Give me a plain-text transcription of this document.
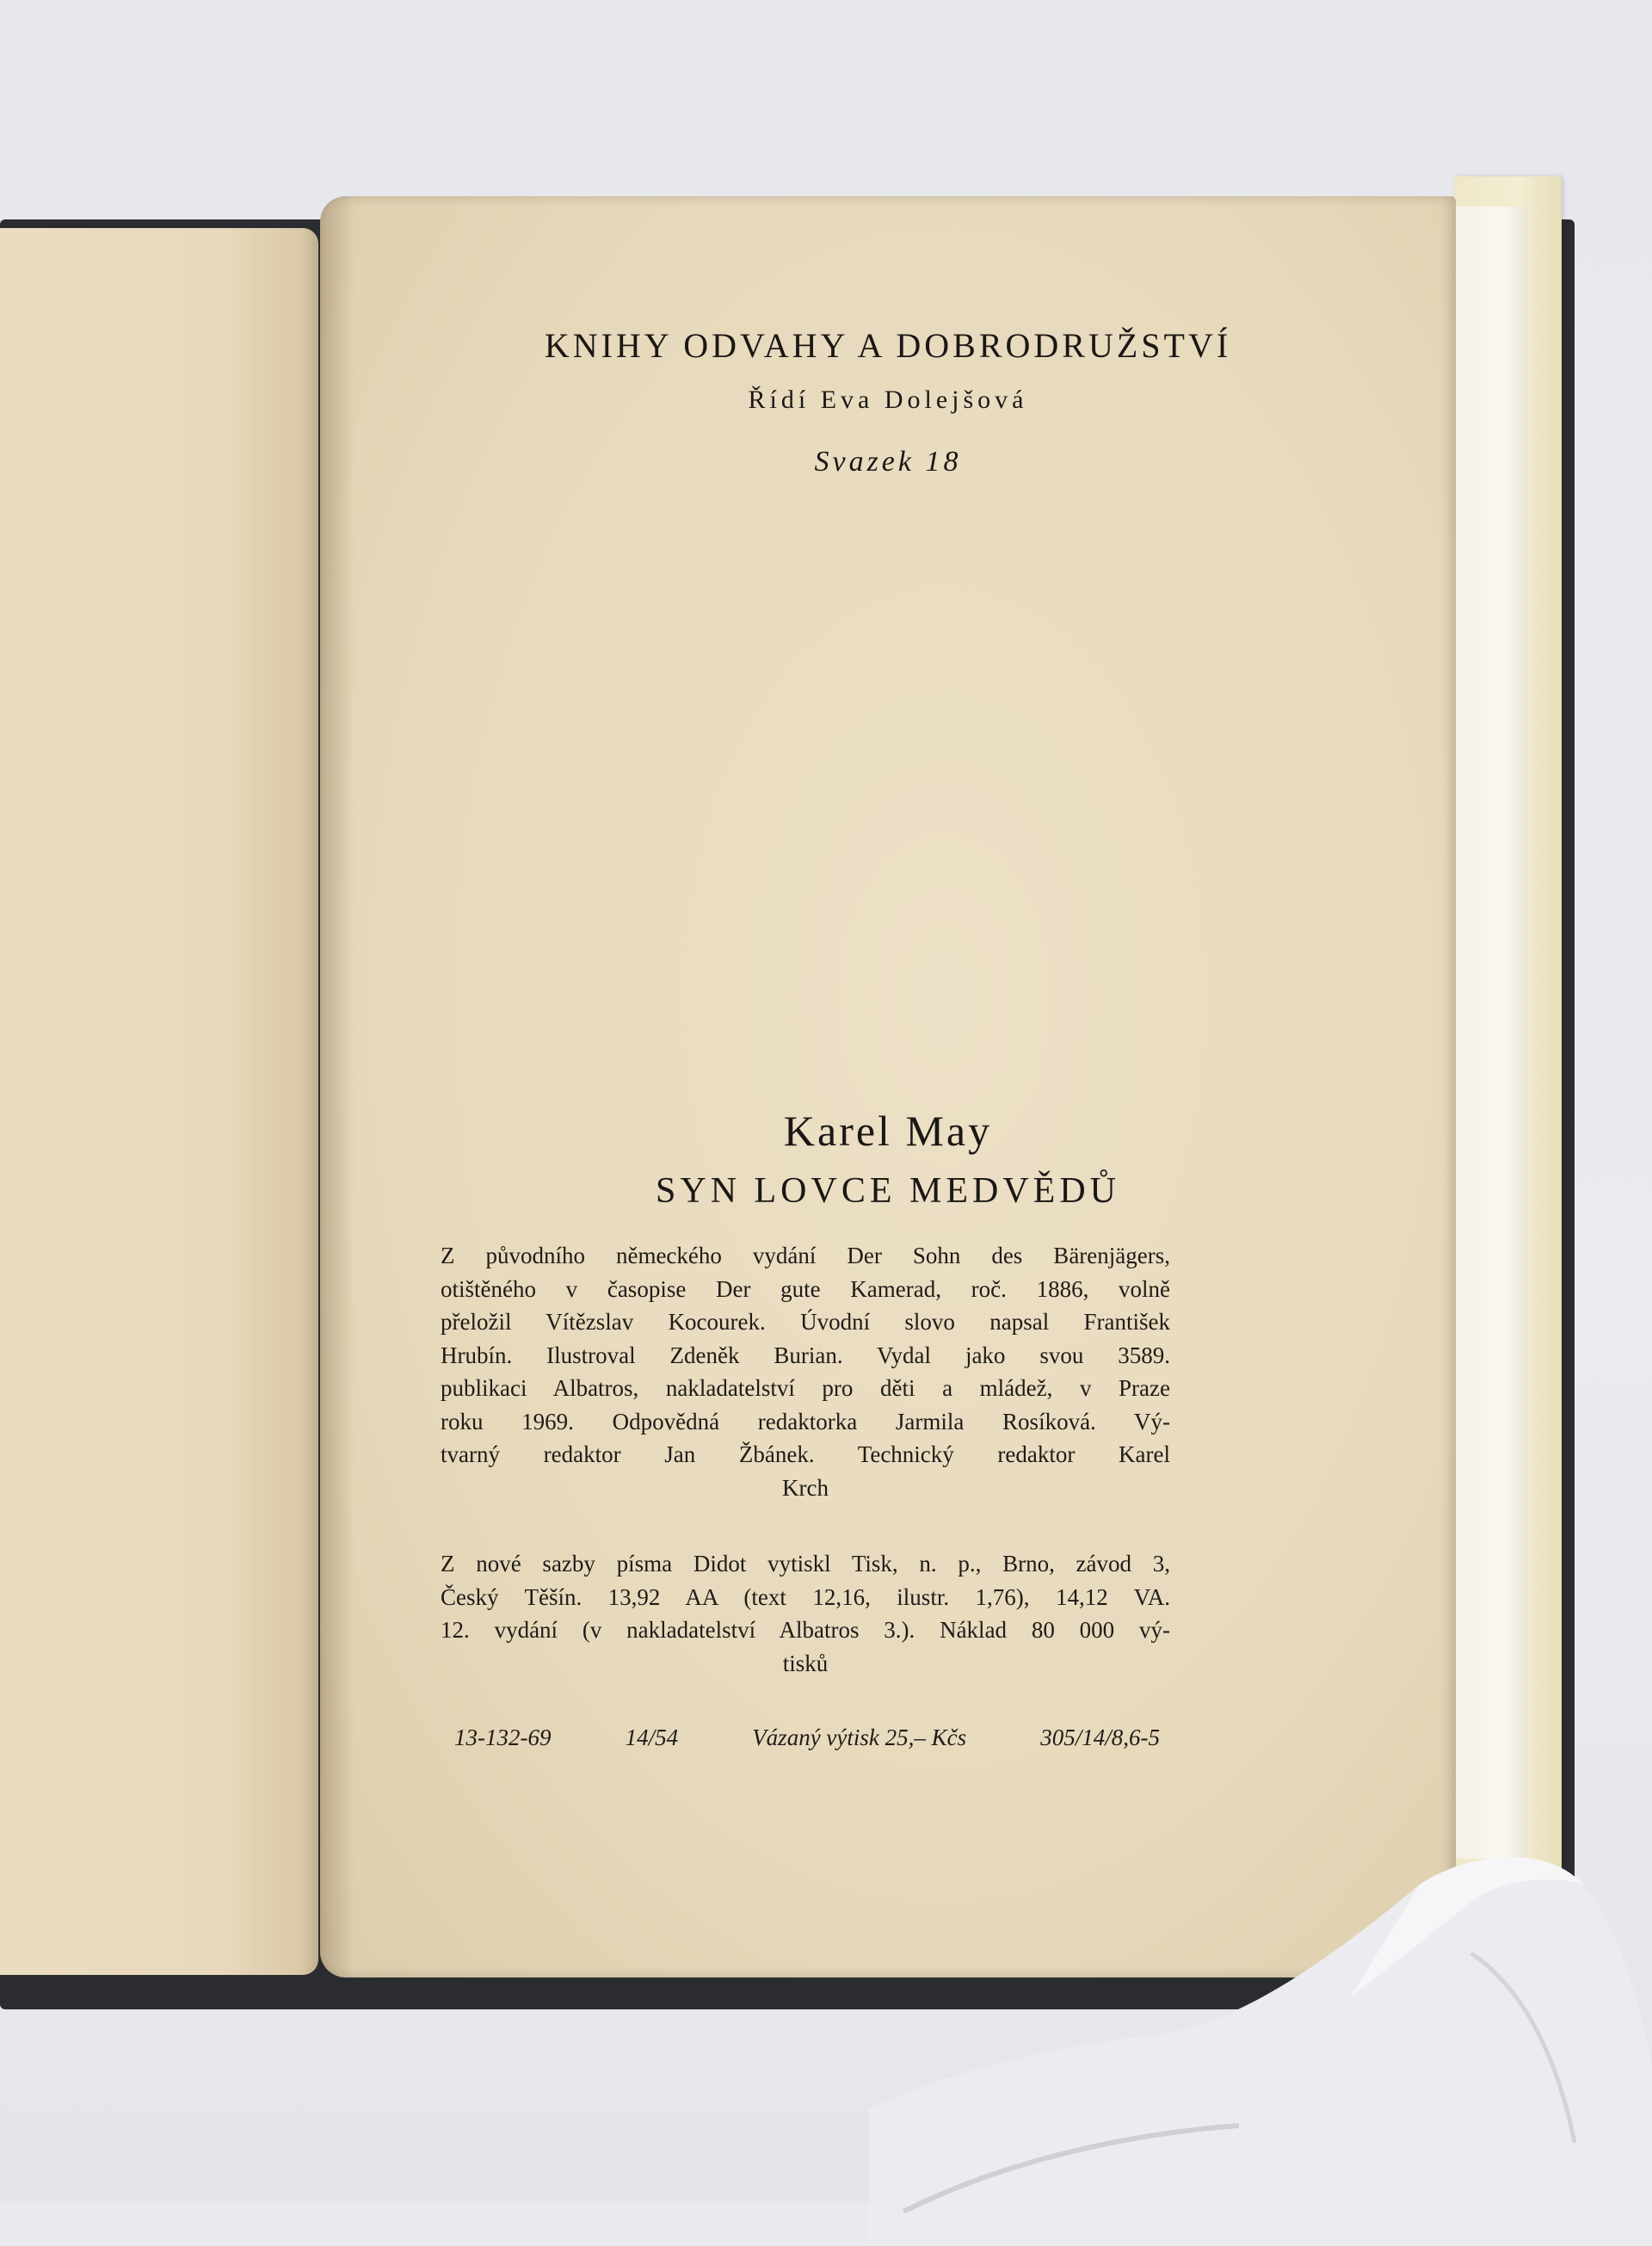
KNIHY ODVAHY A DOBRODRUŽSTVÍ
Řídí Eva Dolejšová
Svazek 18
Karel May
SYN LOVCE MEDVĚDŮ
Z původního německého vydání Der Sohn des Bärenjägers,
otištěného v časopise Der gute Kamerad, roč. 1886, volně
přeložil Vítězslav Kocourek. Úvodní slovo napsal František
Hrubín. Ilustroval Zdeněk Burian. Vydal jako svou 3589.
publikaci Albatros, nakladatelství pro děti a mládež, v Praze
roku 1969. Odpovědná redaktorka Jarmila Rosíková. Vý-
tvarný redaktor Jan Žbánek. Technický redaktor Karel
Krch
Z nové sazby písma Didot vytiskl Tisk, n. p., Brno, závod 3,
Český Těšín. 13,92 AA (text 12,16, ilustr. 1,76), 14,12 VA.
12. vydání (v nakladatelství Albatros 3.). Náklad 80 000 vý-
tisků
13-132-69	14/54	Vázaný výtisk 25,– Kčs	305/14/8,6-5
